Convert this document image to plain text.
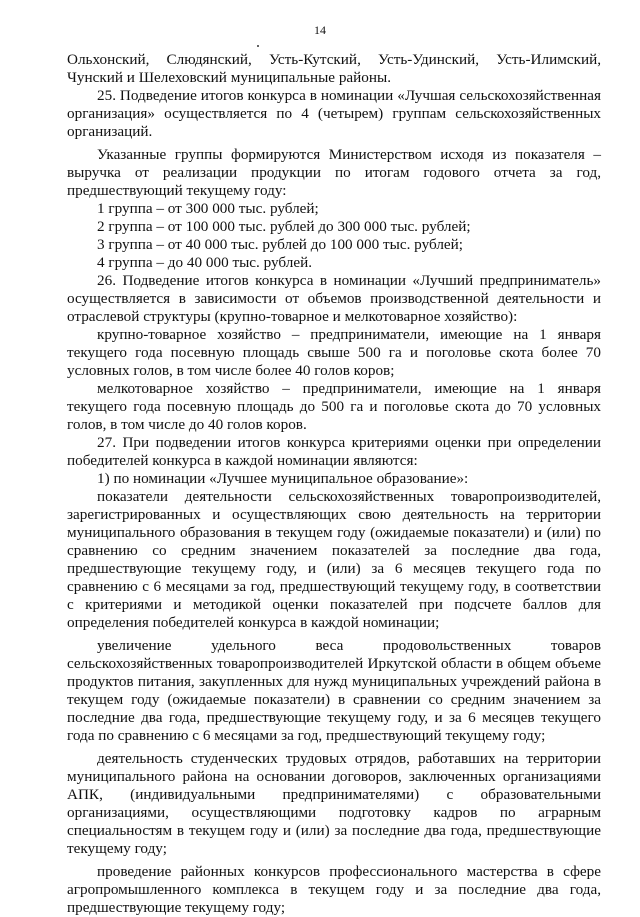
14

Ольхонский, Слюдянский, Усть-Кутский, Усть-Удинский, Усть-Илимский, Чунский и Шелеховский муниципальные районы.

25. Подведение итогов конкурса в номинации «Лучшая сельскохозяйственная организация» осуществляется по 4 (четырем) группам сельскохозяйственных организаций.

Указанные группы формируются Министерством исходя из показателя – выручка от реализации продукции по итогам годового отчета за год, предшествующий текущему году:

1 группа – от 300 000 тыс. рублей;

2 группа – от 100 000 тыс. рублей до 300 000 тыс. рублей;

3 группа – от 40 000 тыс. рублей до 100 000 тыс. рублей;

4 группа – до 40 000 тыс. рублей.

26. Подведение итогов конкурса в номинации «Лучший предприниматель» осуществляется в зависимости от объемов производственной деятельности и отраслевой структуры (крупно-товарное и мелкотоварное хозяйство):

крупно-товарное хозяйство – предприниматели, имеющие на 1 января текущего года посевную площадь свыше 500 га и поголовье скота более 70 условных голов, в том числе более 40 голов коров;

мелкотоварное хозяйство – предприниматели, имеющие на 1 января текущего года посевную площадь до 500 га и поголовье скота до 70 условных голов, в том числе до 40 голов коров.

27. При подведении итогов конкурса критериями оценки при определении победителей конкурса в каждой номинации являются:

1) по номинации «Лучшее муниципальное образование»:

показатели деятельности сельскохозяйственных товаропроизводителей, зарегистрированных и осуществляющих свою деятельность на территории муниципального образования в текущем году (ожидаемые показатели) и (или) по сравнению со средним значением показателей за последние два года, предшествующие текущему году, и (или) за 6 месяцев текущего года по сравнению с 6 месяцами за год, предшествующий текущему году, в соответствии с критериями и методикой оценки показателей при подсчете баллов для определения победителей конкурса в каждой номинации;

увеличение удельного веса продовольственных товаров сельскохозяйственных товаропроизводителей Иркутской области в общем объеме продуктов питания, закупленных для нужд муниципальных учреждений района в текущем году (ожидаемые показатели) в сравнении со средним значением за последние два года, предшествующие текущему году, и за 6 месяцев текущего года по сравнению с 6 месяцами за год, предшествующий текущему году;

деятельность студенческих трудовых отрядов, работавших на территории муниципального района на основании договоров, заключенных организациями АПК, (индивидуальными предпринимателями) с образовательными организациями, осуществляющими подготовку кадров по аграрным специальностям в текущем году и (или) за последние два года, предшествующие текущему году;

проведение районных конкурсов профессионального мастерства в сфере агропромышленного комплекса в текущем году и за последние два года, предшествующие текущему году;
